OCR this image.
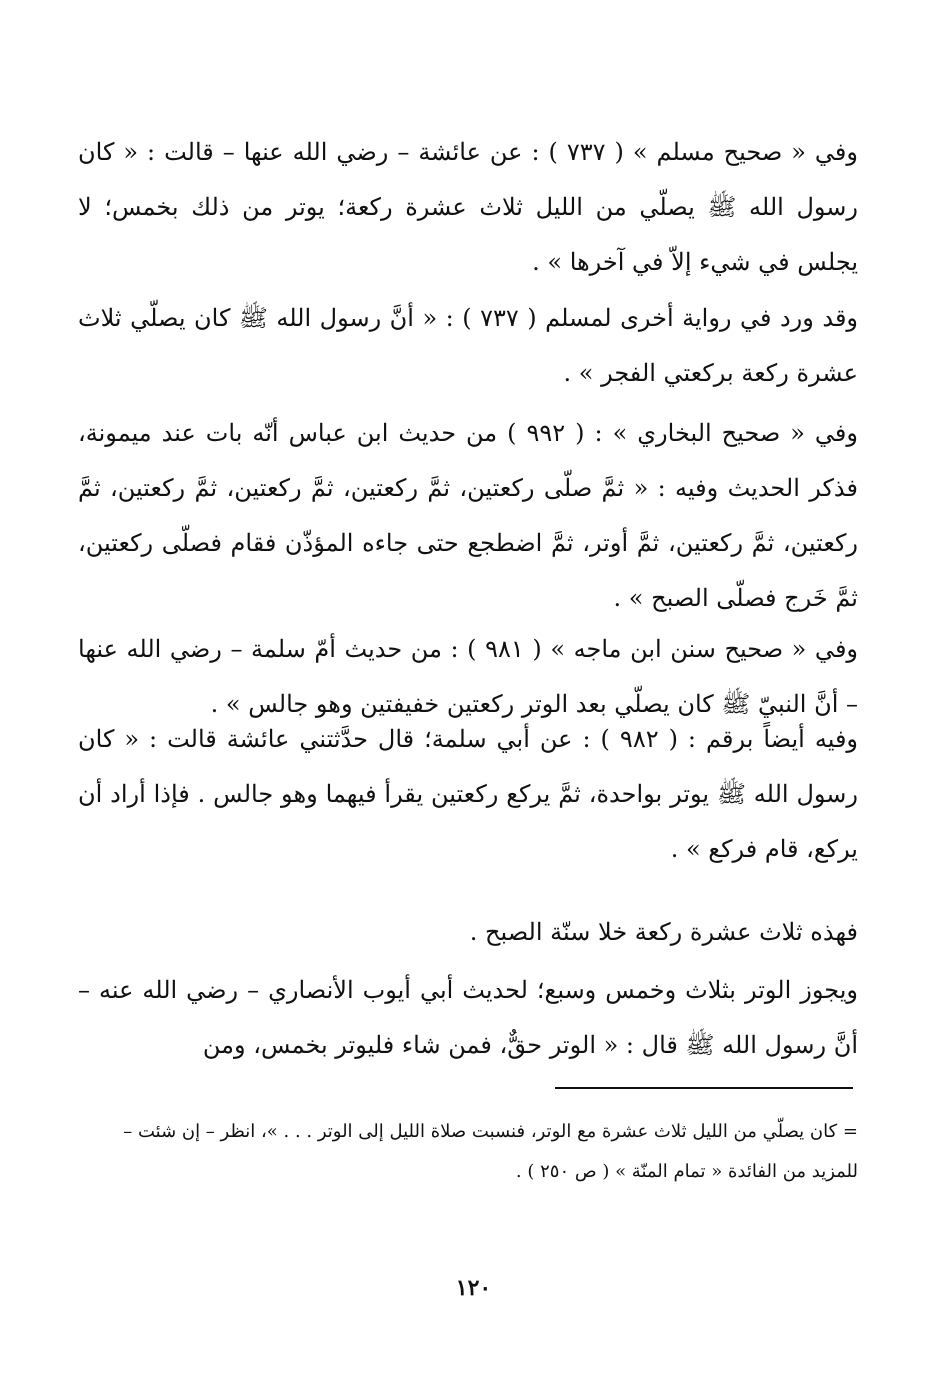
وفي « صحيح مسلم » ( ٧٣٧ ) : عن عائشة – رضي الله عنها – قالت : « كان رسول الله ﷺ يصلّي من الليل ثلاث عشرة ركعة؛ يوتر من ذلك بخمس؛ لا يجلس في شيء إلاّ في آخرها » .

وقد ورد في رواية أخرى لمسلم ( ٧٣٧ ) : « أنَّ رسول الله ﷺ كان يصلّي ثلاث عشرة ركعة بركعتي الفجر » .

وفي « صحيح البخاري » : ( ٩٩٢ ) من حديث ابن عباس أنّه بات عند ميمونة، فذكر الحديث وفيه : « ثمَّ صلّى ركعتين، ثمَّ ركعتين، ثمَّ ركعتين، ثمَّ ركعتين، ثمَّ ركعتين، ثمَّ ركعتين، ثمَّ أوتر، ثمَّ اضطجع حتى جاءه المؤذّن فقام فصلّى ركعتين، ثمَّ خَرج فصلّى الصبح » .

وفي « صحيح سنن ابن ماجه » ( ٩٨١ ) : من حديث أمّ سلمة – رضي الله عنها – أنَّ النبيّ ﷺ كان يصلّي بعد الوتر ركعتين خفيفتين وهو جالس » .

وفيه أيضاً برقم : ( ٩٨٢ ) : عن أبي سلمة؛ قال حدَّثتني عائشة قالت : « كان رسول الله ﷺ يوتر بواحدة، ثمَّ يركع ركعتين يقرأ فيهما وهو جالس . فإذا أراد أن يركع، قام فركع » .

فهذه ثلاث عشرة ركعة خلا سنّة الصبح .

ويجوز الوتر بثلاث وخمس وسبع؛ لحديث أبي أيوب الأنصاري – رضي الله عنه – أنَّ رسول الله ﷺ قال : « الوتر حقٌّ، فمن شاء فليوتر بخمس، ومن

= كان يصلّي من الليل ثلاث عشرة مع الوتر، فنسبت صلاة الليل إلى الوتر . . . »، انظر – إن شئت – للمزيد من الفائدة « تمام المنّة » ( ص ٢٥٠ ) .

١٢٠
